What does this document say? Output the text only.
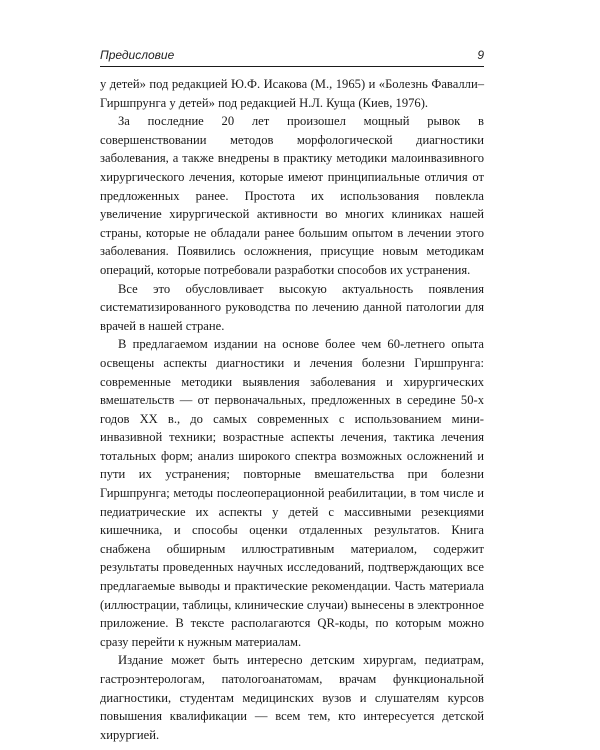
Предисловие	9

у детей» под редакцией Ю.Ф. Исакова (М., 1965) и «Болезнь Фавалли–Гиршпрунга у детей» под редакцией Н.Л. Куща (Киев, 1976).

За последние 20 лет произошел мощный рывок в совершенствовании методов морфологической диагностики заболевания, а также внедрены в практику методики малоинвазивного хирургического лечения, которые имеют принципиальные отличия от предложенных ранее. Простота их использования повлекла увеличение хирургической активности во многих клиниках нашей страны, которые не обладали ранее большим опытом в лечении этого заболевания. Появились осложнения, присущие новым методикам операций, которые потребовали разработки способов их устранения.

Все это обусловливает высокую актуальность появления систематизированного руководства по лечению данной патологии для врачей в нашей стране.

В предлагаемом издании на основе более чем 60-летнего опыта освещены аспекты диагностики и лечения болезни Гиршпрунга: современные методики выявления заболевания и хирургических вмешательств — от первоначальных, предложенных в середине 50-х годов XX в., до самых современных с использованием мини-инвазивной техники; возрастные аспекты лечения, тактика лечения тотальных форм; анализ широкого спектра возможных осложнений и пути их устранения; повторные вмешательства при болезни Гиршпрунга; методы послеоперационной реабилитации, в том числе и педиатрические их аспекты у детей с массивными резекциями кишечника, и способы оценки отдаленных результатов. Книга снабжена обширным иллюстративным материалом, содержит результаты проведенных научных исследований, подтверждающих все предлагаемые выводы и практические рекомендации. Часть материала (иллюстрации, таблицы, клинические случаи) вынесены в электронное приложение. В тексте располагаются QR-коды, по которым можно сразу перейти к нужным материалам.

Издание может быть интересно детским хирургам, педиатрам, гастроэнтерологам, патологоанатомам, врачам функциональной диагностики, студентам медицинских вузов и слушателям курсов повышения квалификации — всем тем, кто интересуется детской хирургией.
